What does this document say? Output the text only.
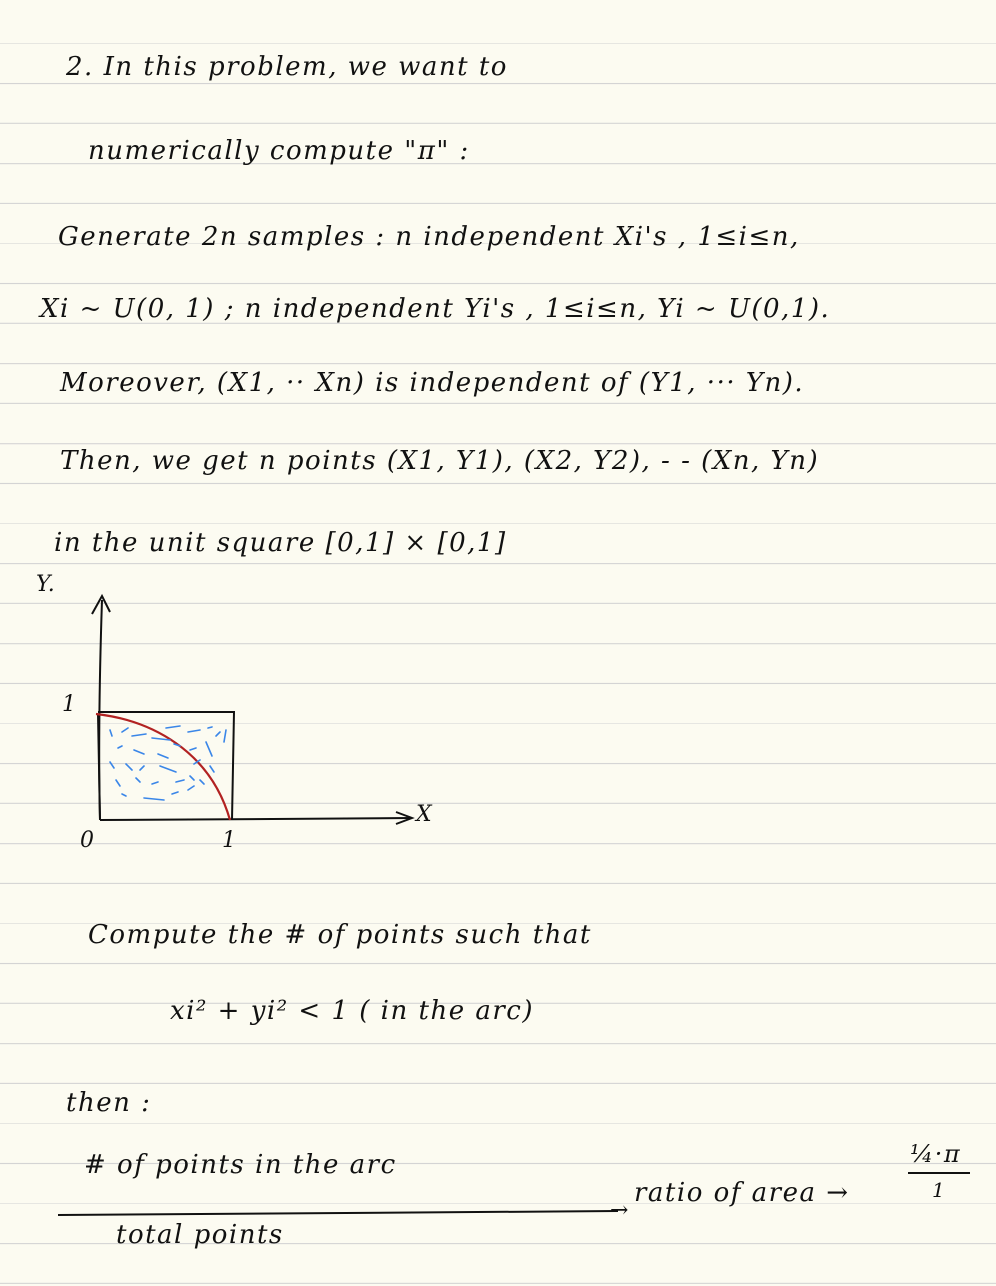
2. In this problem, we want to
numerically compute "π" :
Generate 2n samples : n independent Xi's , 1≤i≤n,
Xi ~ U(0, 1) ; n independent Yi's , 1≤i≤n, Yi ~ U(0,1).
Moreover, (X1, ·· Xn) is independent of (Y1, ··· Yn).
Then, we get n points (X1, Y1), (X2, Y2), - - (Xn, Yn)
in the unit square [0,1] × [0,1]
Y.
1
0	1
X
Compute the # of points such that
xi² + yi² < 1 ( in the arc)
then :
# of points in the arc
→
total points
ratio of area →
¼·π
1
